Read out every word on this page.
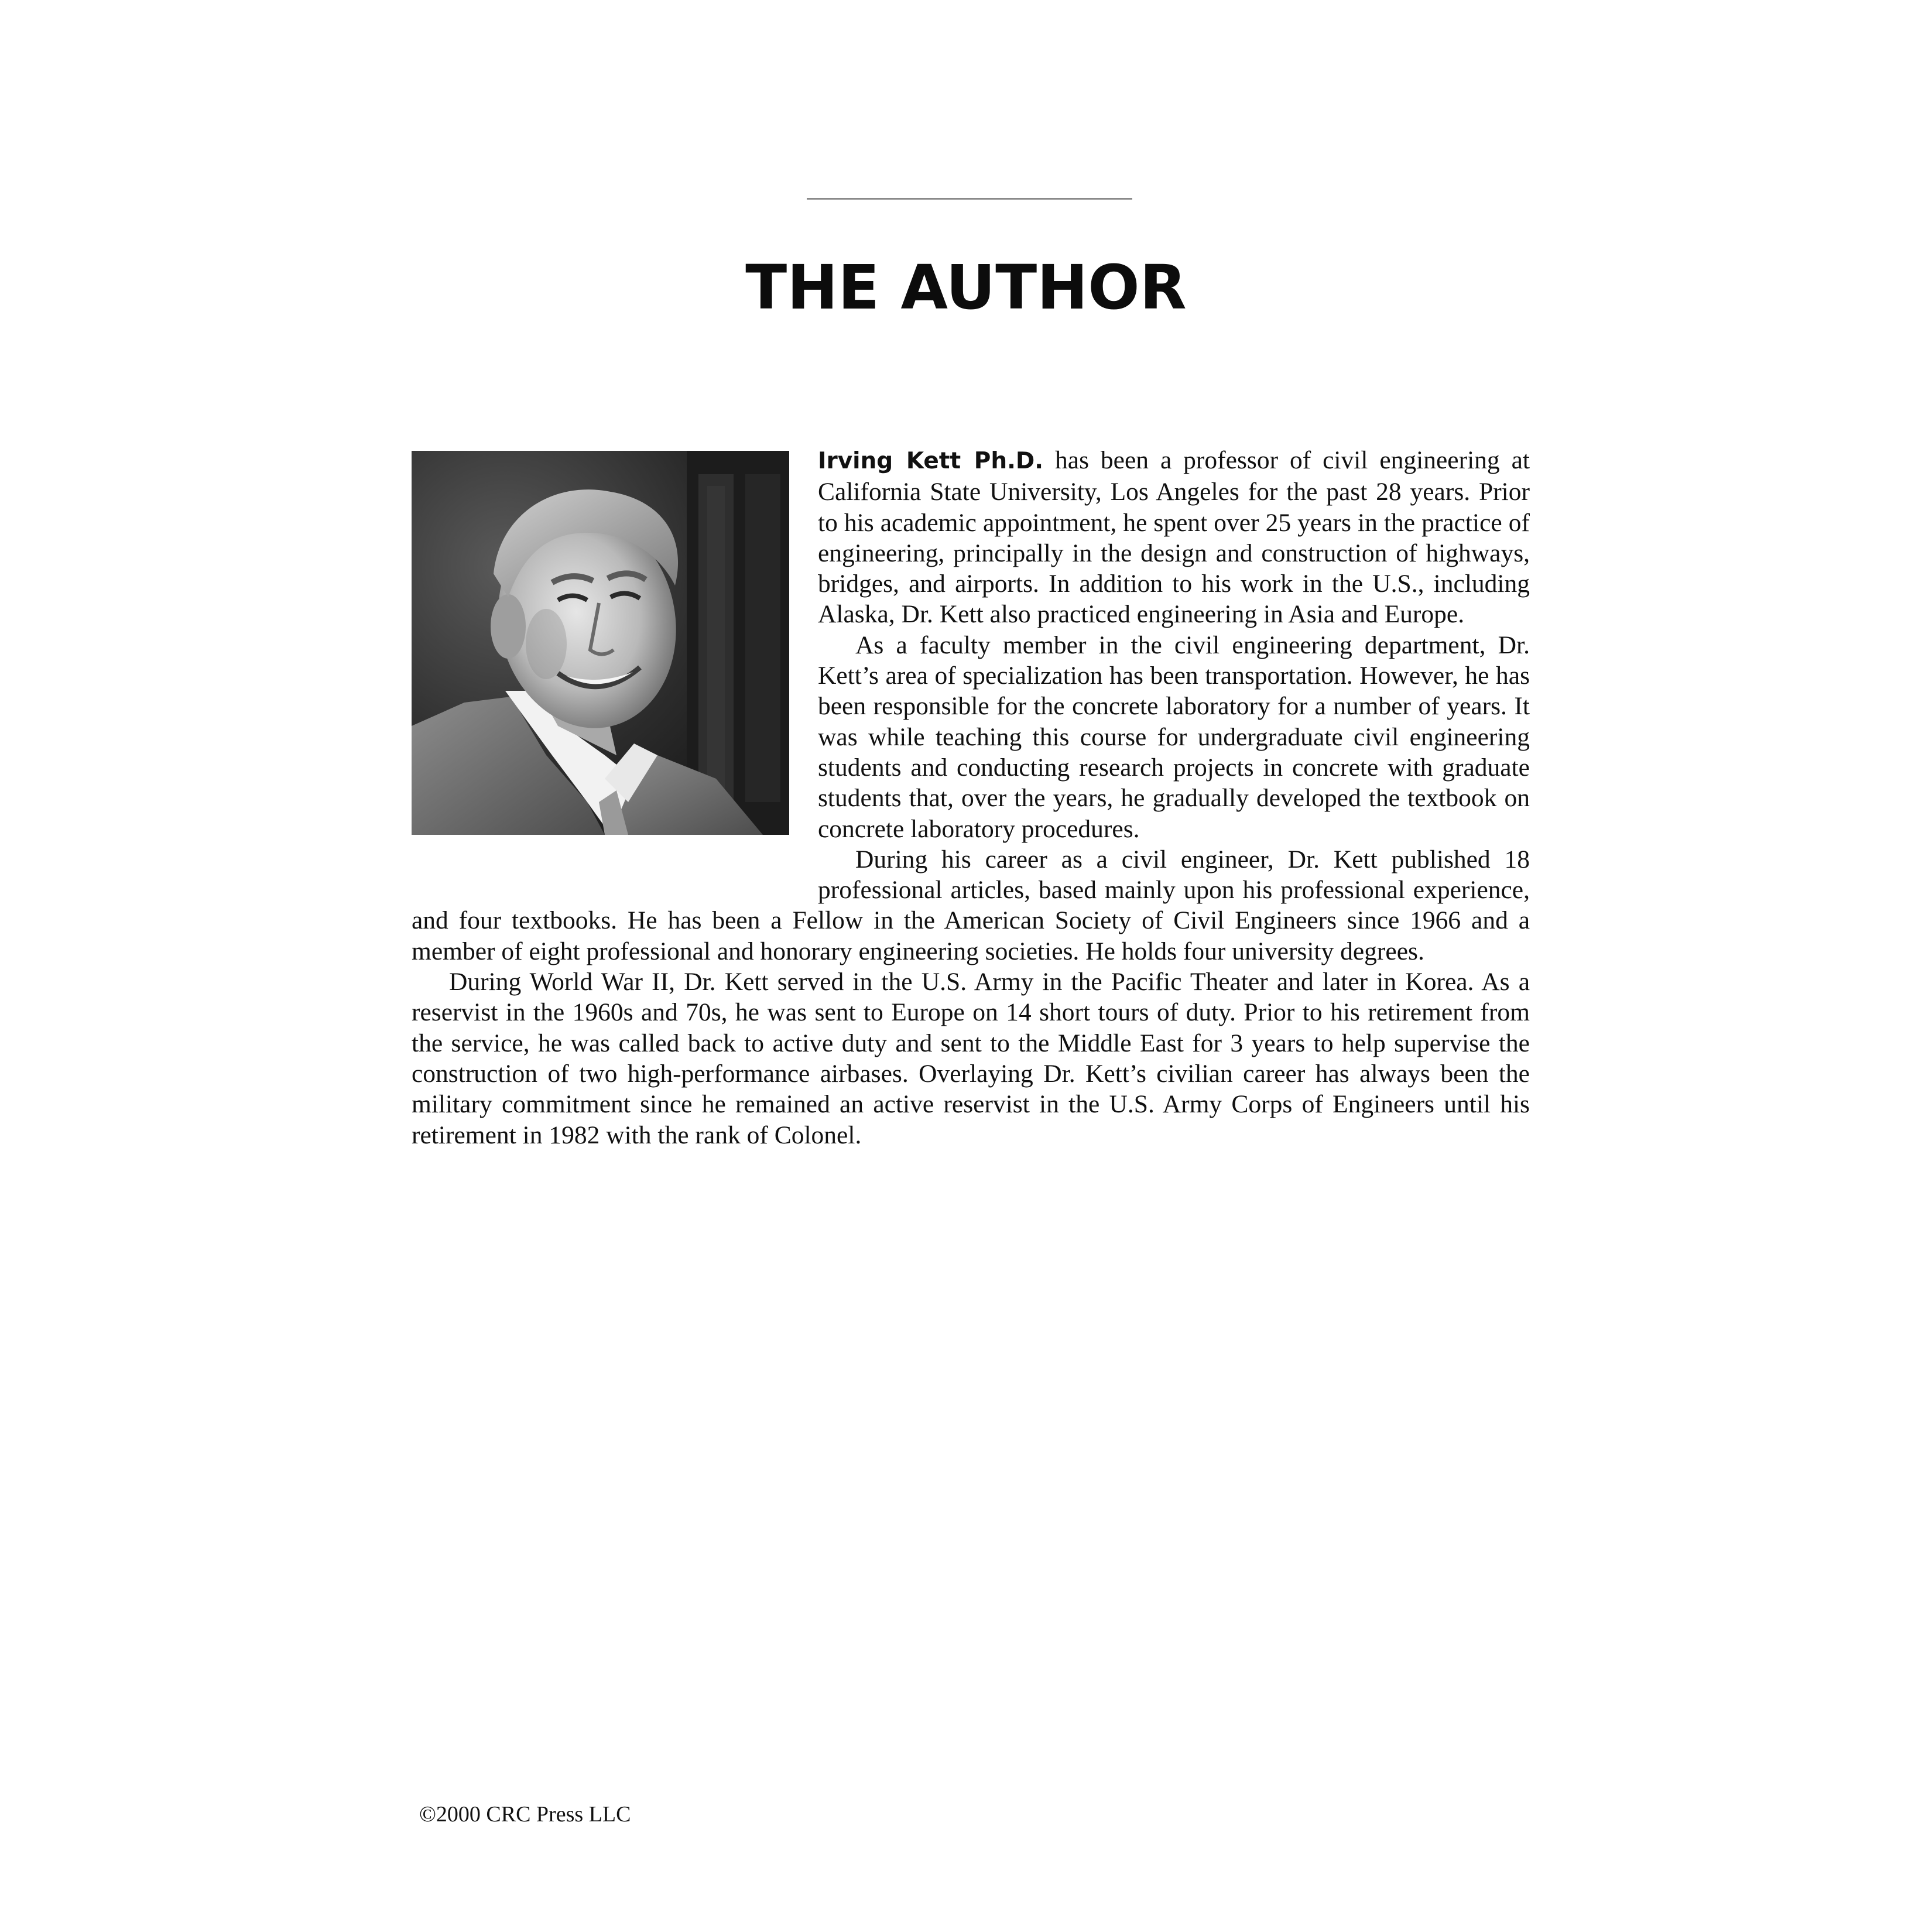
THE AUTHOR

Irving Kett Ph.D. has been a professor of civil engineering at California State University, Los Angeles for the past 28 years. Prior to his academic appointment, he spent over 25 years in the practice of engineering, principally in the design and construction of highways, bridges, and airports. In addition to his work in the U.S., including Alaska, Dr. Kett also practiced engineering in Asia and Europe.

As a faculty member in the civil engineering department, Dr. Kett’s area of specialization has been transportation. However, he has been responsible for the concrete laboratory for a number of years. It was while teaching this course for undergraduate civil engineering students and conducting research projects in concrete with graduate students that, over the years, he gradually developed the textbook on concrete laboratory procedures.

During his career as a civil engineer, Dr. Kett published 18 professional articles, based mainly upon his professional experience, and four textbooks. He has been a Fellow in the American Society of Civil Engineers since 1966 and a member of eight professional and honorary engineering societies. He holds four university degrees.

During World War II, Dr. Kett served in the U.S. Army in the Pacific Theater and later in Korea. As a reservist in the 1960s and 70s, he was sent to Europe on 14 short tours of duty. Prior to his retirement from the service, he was called back to active duty and sent to the Middle East for 3 years to help supervise the construction of two high-performance airbases. Overlaying Dr. Kett’s civilian career has always been the military commitment since he remained an active reservist in the U.S. Army Corps of Engineers until his retirement in 1982 with the rank of Colonel.

©2000 CRC Press LLC
